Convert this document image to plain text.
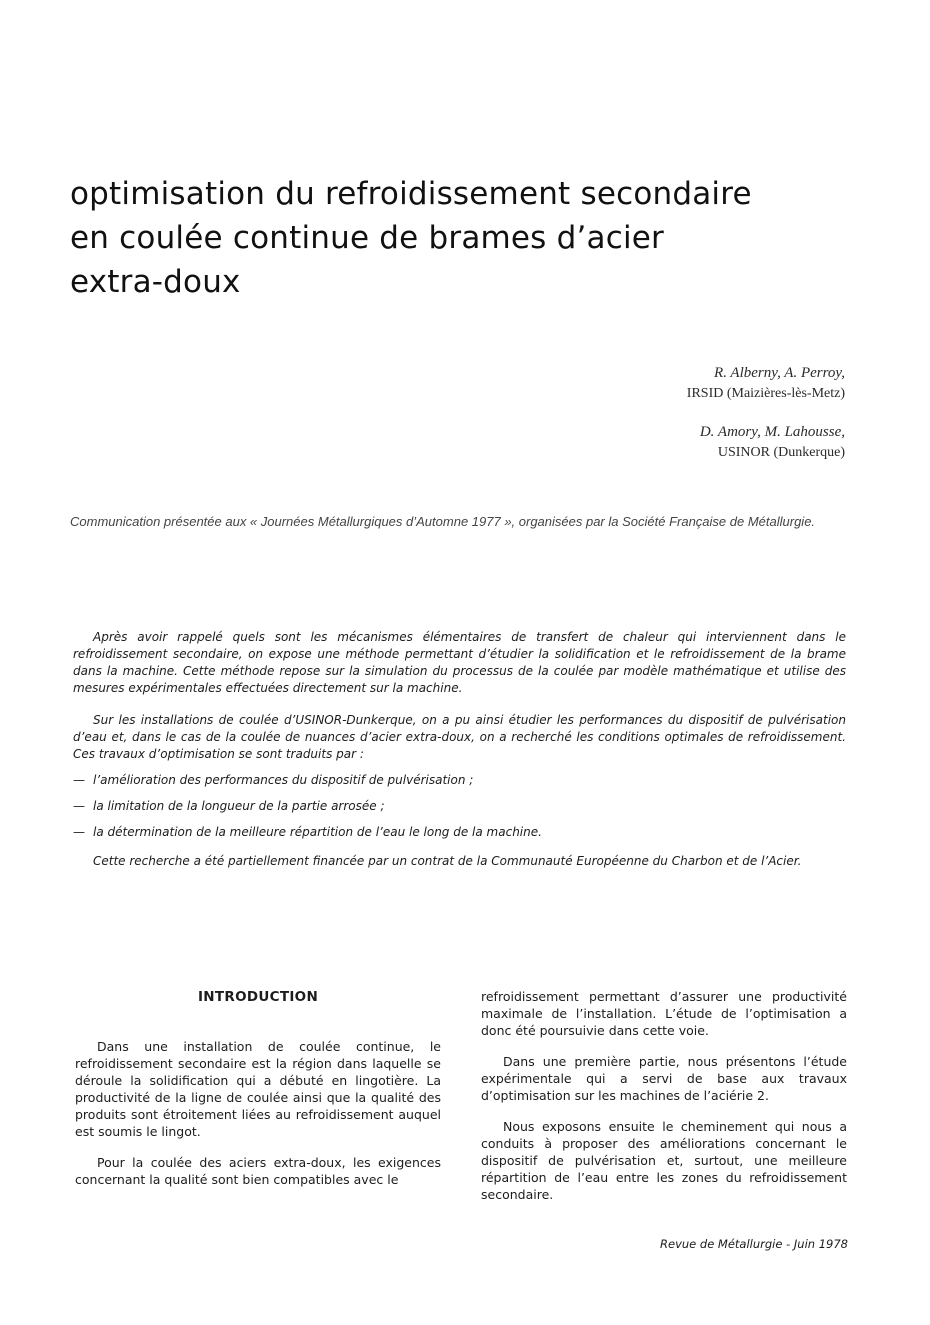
optimisation du refroidissement secondaire
en coulée continue de brames d’acier
extra-doux
R. Alberny, A. Perroy,
IRSID (Maizières-lès-Metz)
D. Amory, M. Lahousse,
USINOR (Dunkerque)

Communication présentée aux « Journées Métallurgiques d’Automne 1977 », organisées par la Société Française de Métallurgie.

Après avoir rappelé quels sont les mécanismes élémentaires de transfert de chaleur qui interviennent dans le refroidissement secondaire, on expose une méthode permettant d’étudier la solidification et le refroidissement de la brame dans la machine. Cette méthode repose sur la simulation du processus de la coulée par modèle mathématique et utilise des mesures expérimentales effectuées directement sur la machine.

Sur les installations de coulée d’USINOR-Dunkerque, on a pu ainsi étudier les performances du dispositif de pulvérisation d’eau et, dans le cas de la coulée de nuances d’acier extra-doux, on a recherché les conditions optimales de refroidissement. Ces travaux d’optimisation se sont traduits par :

— l’amélioration des performances du dispositif de pulvérisation ;
— la limitation de la longueur de la partie arrosée ;
— la détermination de la meilleure répartition de l’eau le long de la machine.

Cette recherche a été partiellement financée par un contrat de la Communauté Européenne du Charbon et de l’Acier.

INTRODUCTION

Dans une installation de coulée continue, le refroidissement secondaire est la région dans laquelle se déroule la solidification qui a débuté en lingotière. La productivité de la ligne de coulée ainsi que la qualité des produits sont étroitement liées au refroidissement auquel est soumis le lingot.

Pour la coulée des aciers extra-doux, les exigences concernant la qualité sont bien compatibles avec le

refroidissement permettant d’assurer une productivité maximale de l’installation. L’étude de l’optimisation a donc été poursuivie dans cette voie.

Dans une première partie, nous présentons l’étude expérimentale qui a servi de base aux travaux d’optimisation sur les machines de l’aciérie 2.

Nous exposons ensuite le cheminement qui nous a conduits à proposer des améliorations concernant le dispositif de pulvérisation et, surtout, une meilleure répartition de l’eau entre les zones du refroidissement secondaire.

Revue de Métallurgie - Juin 1978
